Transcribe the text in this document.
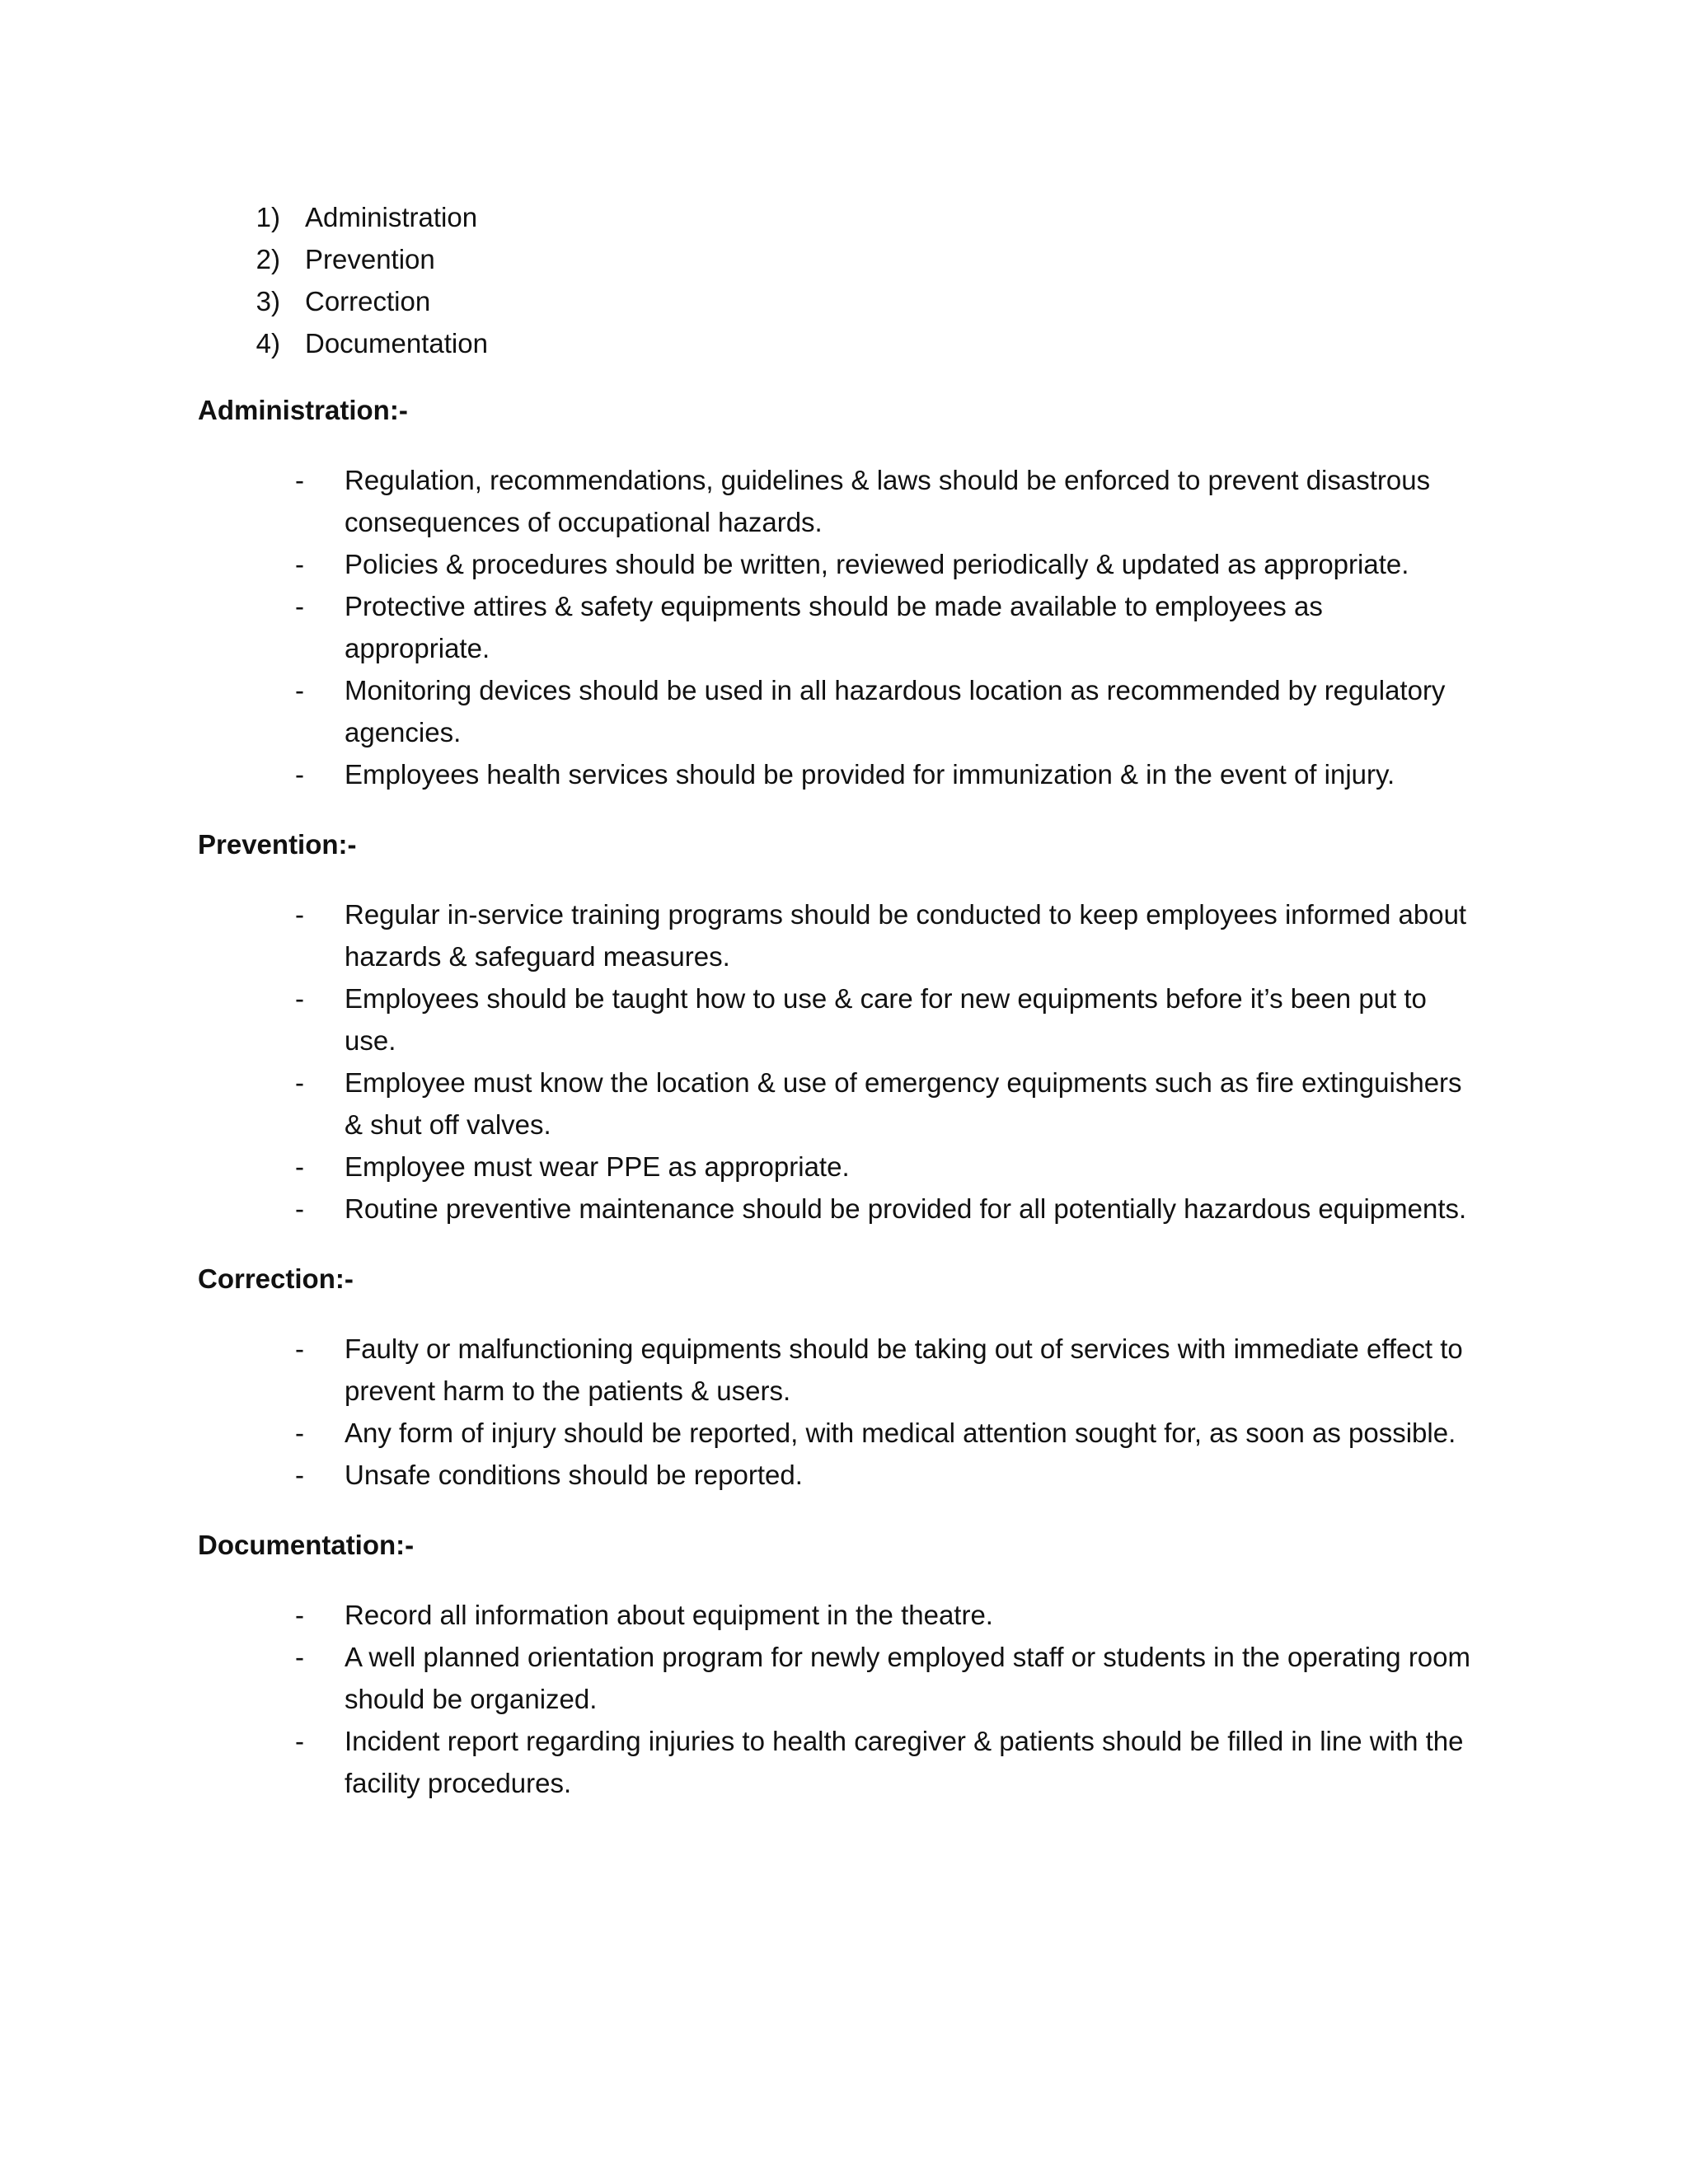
1) Administration
2) Prevention
3) Correction
4) Documentation
Administration:-
-	Regulation, recommendations, guidelines & laws should be enforced to prevent disastrous consequences of occupational hazards.
-	Policies & procedures should be written, reviewed periodically & updated as appropriate.
-	Protective attires & safety equipments should be made available to employees as appropriate.
-	Monitoring devices should be used in all hazardous location as recommended by regulatory agencies.
-	Employees health services should be provided for immunization & in the event of injury.
Prevention:-
-	Regular in-service training programs should be conducted to keep employees informed about hazards & safeguard measures.
-	Employees should be taught how to use & care for new equipments before it’s been put to use.
-	Employee must know the location & use of emergency equipments such as fire extinguishers & shut off valves.
-	Employee must wear PPE as appropriate.
-	Routine preventive maintenance should be provided for all potentially hazardous equipments.
Correction:-
-	Faulty or malfunctioning equipments should be taking out of services with immediate effect to prevent harm to the patients & users.
-	Any form of injury should be reported, with medical attention sought for, as soon as possible.
-	Unsafe conditions should be reported.
Documentation:-
-	Record all information about equipment in the theatre.
-	A well planned orientation program for newly employed staff or students in the operating room should be organized.
-	Incident report regarding injuries to health caregiver & patients should be filled in line with the facility procedures.
